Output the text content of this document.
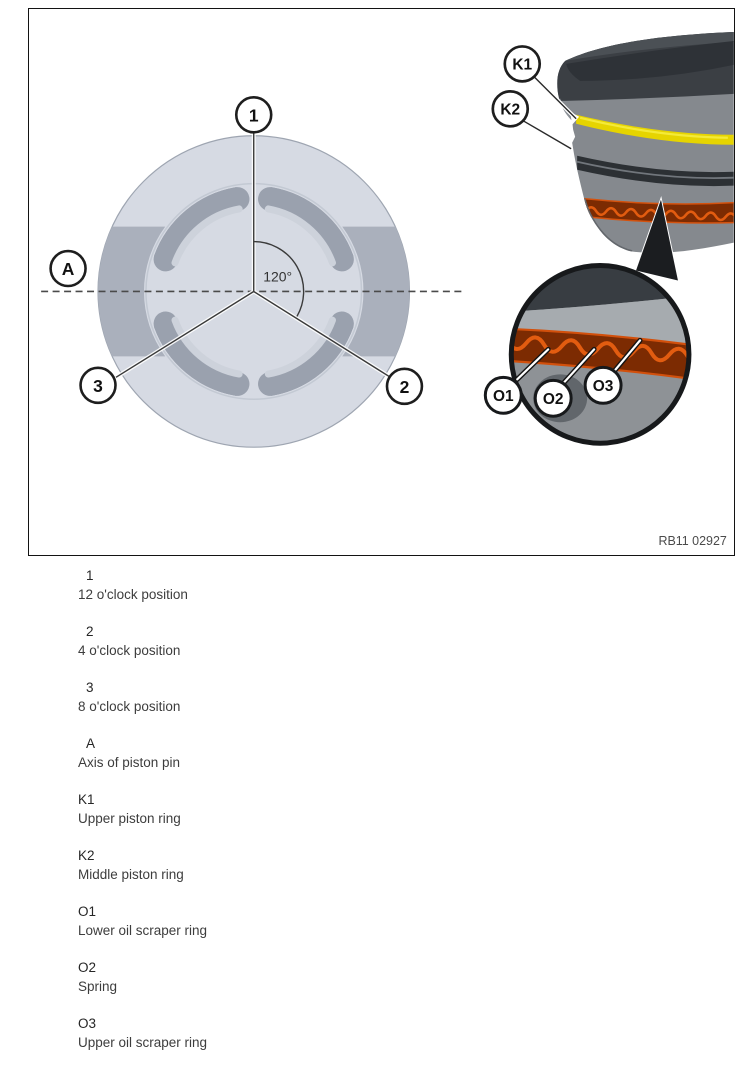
120°
1
2
3
A
K1
K2
O1 O2
O3
RB11 02927
1
12 o'clock position
2
4 o'clock position
3
8 o'clock position
A
Axis of piston pin
K1
Upper piston ring
K2
Middle piston ring
O1
Lower oil scraper ring
O2
Spring
O3
Upper oil scraper ring
